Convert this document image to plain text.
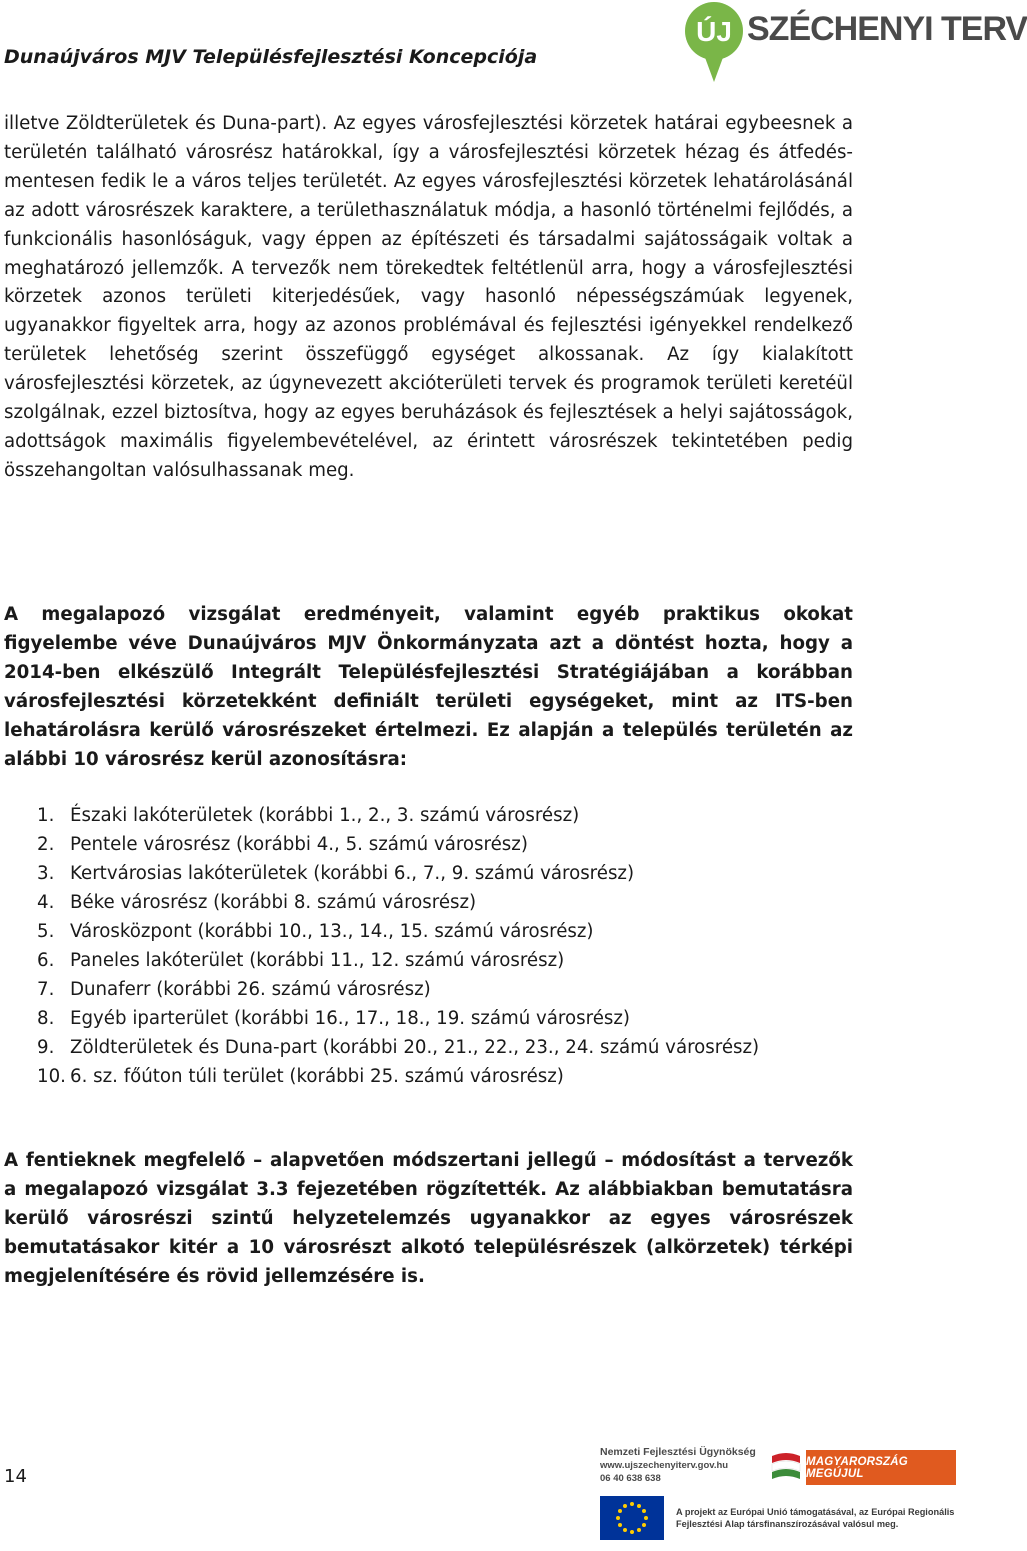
Dunaújváros MJV Településfejlesztési Koncepciója
ÚJ SZÉCHENYI TERV
illetve Zöldterületek és Duna-part). Az egyes városfejlesztési körzetek határai egybeesnek a területén található városrész határokkal, így a városfejlesztési körzetek hézag és átfedés-mentesen fedik le a város teljes területét. Az egyes városfejlesztési körzetek lehatárolásánál az adott városrészek karaktere, a területhasználatuk módja, a hasonló történelmi fejlődés, a funkcionális hasonlóságuk, vagy éppen az építészeti és társadalmi sajátosságaik voltak a meghatározó jellemzők. A tervezők nem törekedtek feltétlenül arra, hogy a városfejlesztési körzetek azonos területi kiterjedésűek, vagy hasonló népességszámúak legyenek, ugyanakkor figyeltek arra, hogy az azonos problémával és fejlesztési igényekkel rendelkező területek lehetőség szerint összefüggő egységet alkossanak. Az így kialakított városfejlesztési körzetek, az úgynevezett akcióterületi tervek és programok területi keretéül szolgálnak, ezzel biztosítva, hogy az egyes beruházások és fejlesztések a helyi sajátosságok, adottságok maximális figyelembevételével, az érintett városrészek tekintetében pedig összehangoltan valósulhassanak meg.
A megalapozó vizsgálat eredményeit, valamint egyéb praktikus okokat figyelembe véve Dunaújváros MJV Önkormányzata azt a döntést hozta, hogy a 2014-ben elkészülő Integrált Településfejlesztési Stratégiájában a korábban városfejlesztési körzetekként definiált területi egységeket, mint az ITS-ben lehatárolásra kerülő városrészeket értelmezi. Ez alapján a település területén az alábbi 10 városrész kerül azonosításra:
1. Északi lakóterületek (korábbi 1., 2., 3. számú városrész)
2. Pentele városrész (korábbi 4., 5. számú városrész)
3. Kertvárosias lakóterületek (korábbi 6., 7., 9. számú városrész)
4. Béke városrész (korábbi 8. számú városrész)
5. Városközpont (korábbi 10., 13., 14., 15. számú városrész)
6. Paneles lakóterület (korábbi 11., 12. számú városrész)
7. Dunaferr (korábbi 26. számú városrész)
8. Egyéb iparterület (korábbi 16., 17., 18., 19. számú városrész)
9. Zöldterületek és Duna-part (korábbi 20., 21., 22., 23., 24. számú városrész)
10. 6. sz. főúton túli terület (korábbi 25. számú városrész)
A fentieknek megfelelő – alapvetően módszertani jellegű – módosítást a tervezők a megalapozó vizsgálat 3.3 fejezetében rögzítették. Az alábbiakban bemutatásra kerülő városrészi szintű helyzetelemzés ugyanakkor az egyes városrészek bemutatásakor kitér a 10 városrészt alkotó településrészek (alkörzetek) térképi megjelenítésére és rövid jellemzésére is.
14
Nemzeti Fejlesztési Ügynökség
www.ujszechenyiterv.gov.hu
06 40 638 638
MAGYARORSZÁG MEGÚJUL
A projekt az Európai Unió támogatásával, az Európai Regionális Fejlesztési Alap társfinanszírozásával valósul meg.
